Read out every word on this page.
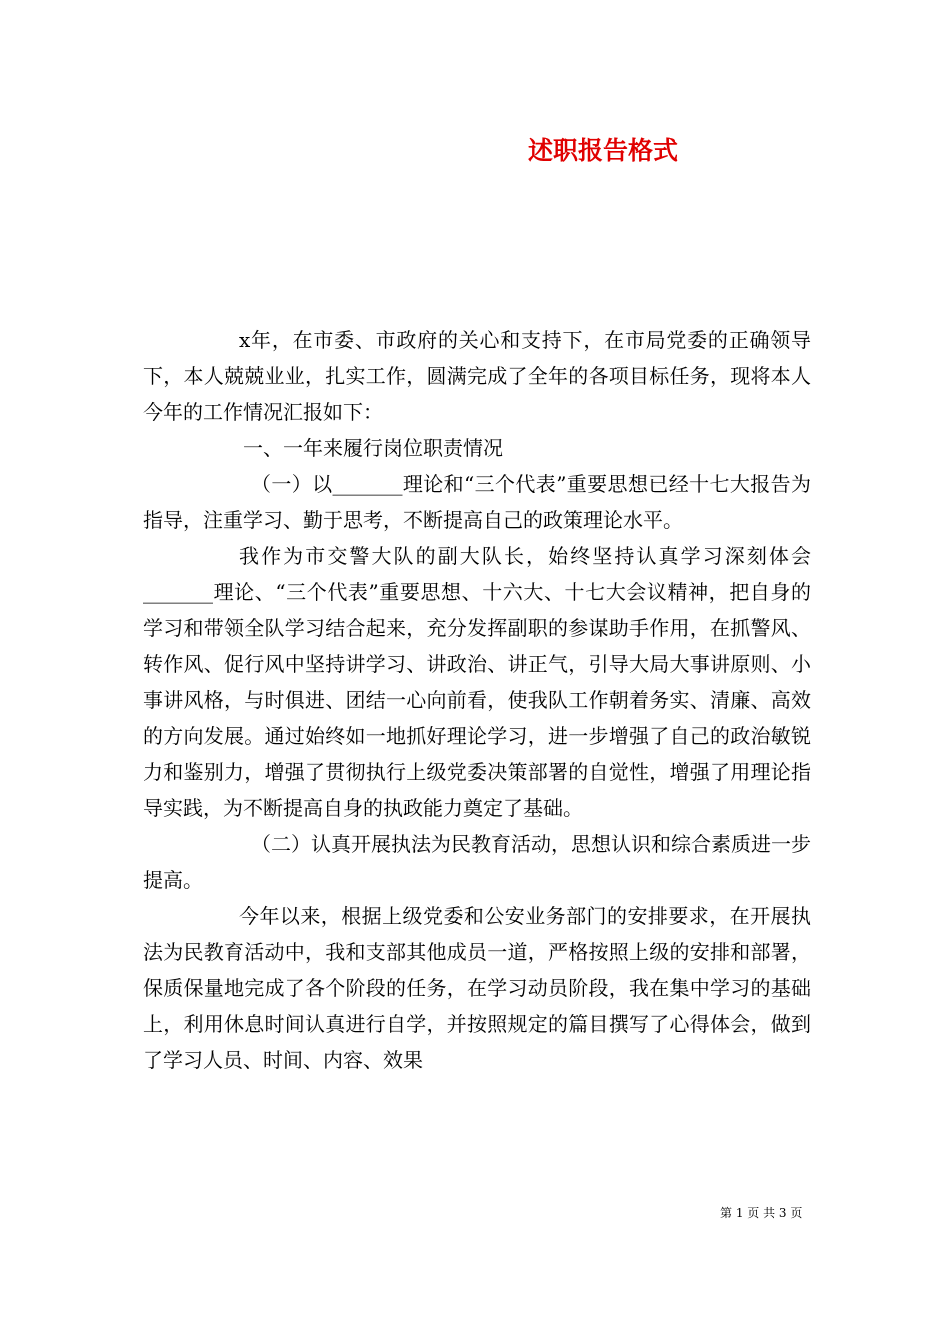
述职报告格式

x年，在市委、市政府的关心和支持下，在市局党委的正确领导下，本人兢兢业业，扎实工作，圆满完成了全年的各项目标任务，现将本人今年的工作情况汇报如下：

一、一年来履行岗位职责情况

（一）以_______理论和“三个代表”重要思想已经十七大报告为指导，注重学习、勤于思考，不断提高自己的政策理论水平。

我作为市交警大队的副大队长，始终坚持认真学习深刻体会_______理论、“三个代表”重要思想、十六大、十七大会议精神，把自身的学习和带领全队学习结合起来，充分发挥副职的参谋助手作用，在抓警风、转作风、促行风中坚持讲学习、讲政治、讲正气，引导大局大事讲原则、小事讲风格，与时俱进、团结一心向前看，使我队工作朝着务实、清廉、高效的方向发展。通过始终如一地抓好理论学习，进一步增强了自己的政治敏锐力和鉴别力，增强了贯彻执行上级党委决策部署的自觉性，增强了用理论指导实践，为不断提高自身的执政能力奠定了基础。

（二）认真开展执法为民教育活动，思想认识和综合素质进一步提高。

今年以来，根据上级党委和公安业务部门的安排要求，在开展执法为民教育活动中，我和支部其他成员一道，严格按照上级的安排和部署，保质保量地完成了各个阶段的任务，在学习动员阶段，我在集中学习的基础上，利用休息时间认真进行自学，并按照规定的篇目撰写了心得体会，做到了学习人员、时间、内容、效果

第 1 页 共 3 页
